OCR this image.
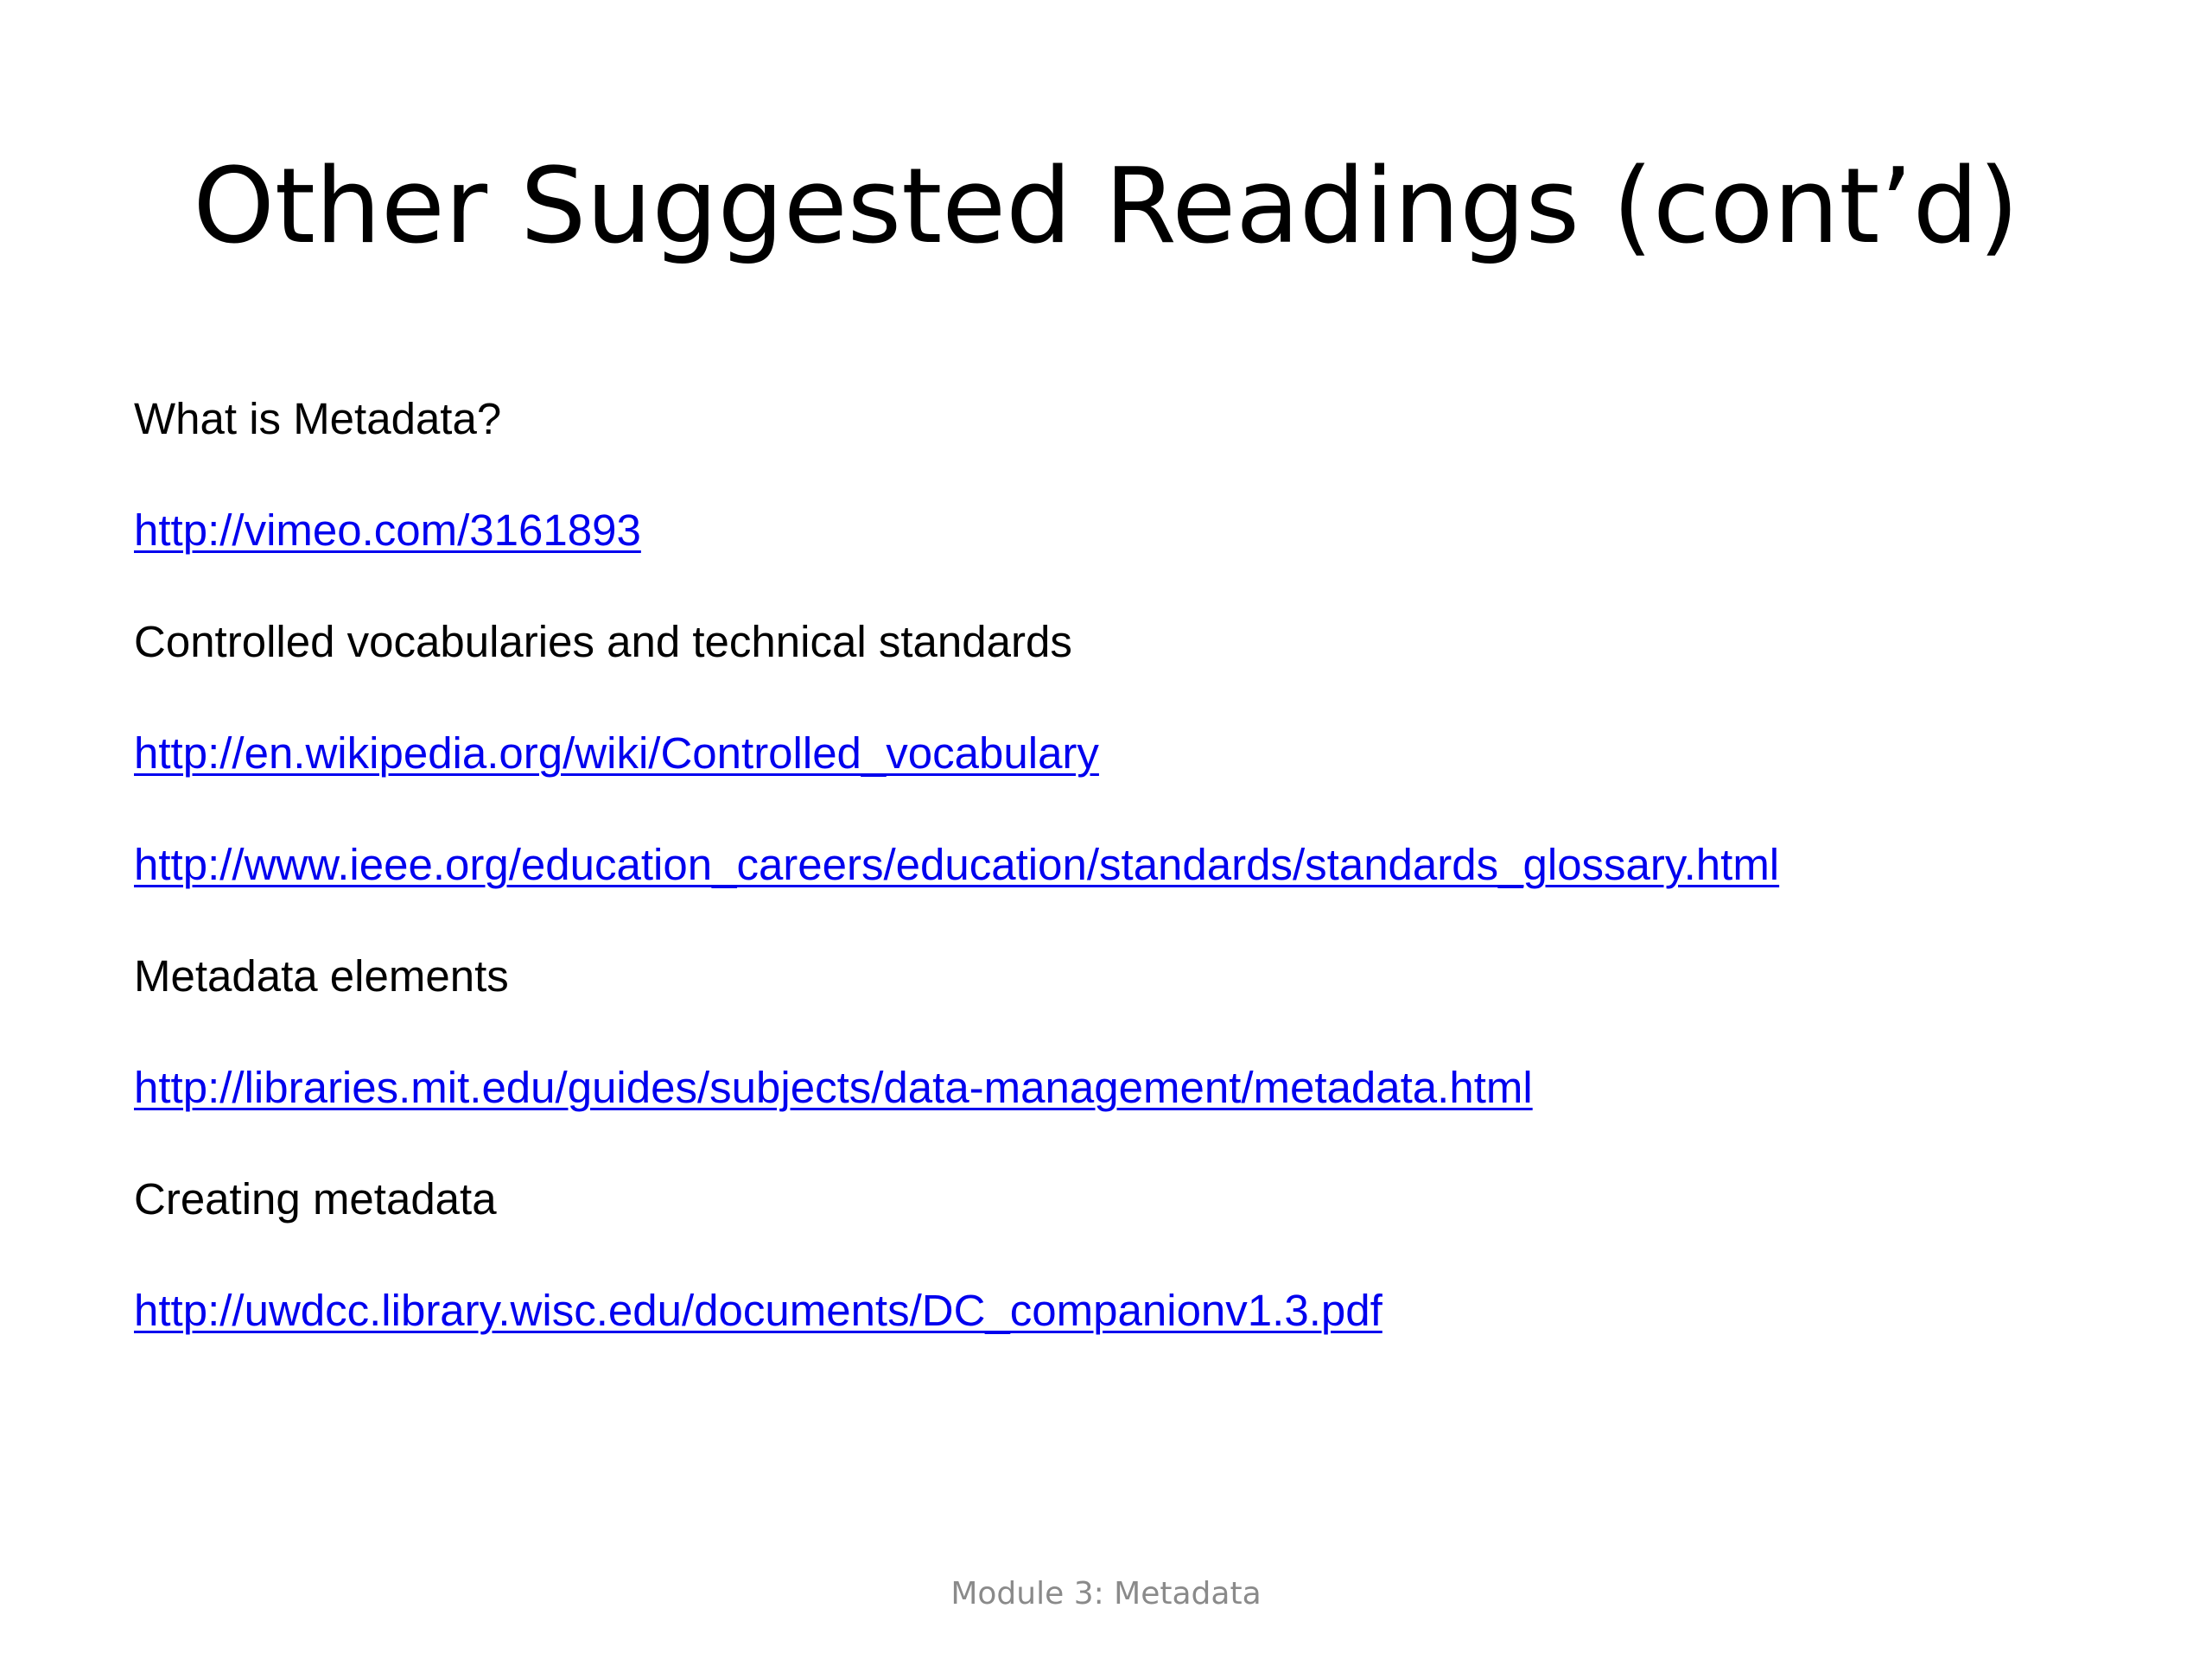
Other Suggested Readings (cont’d)
What is Metadata?
http://vimeo.com/3161893
Controlled vocabularies and technical standards
http://en.wikipedia.org/wiki/Controlled_vocabulary
http://www.ieee.org/education_careers/education/standards/standards_glossary.html
Metadata elements
http://libraries.mit.edu/guides/subjects/data-management/metadata.html
Creating metadata
http://uwdcc.library.wisc.edu/documents/DC_companionv1.3.pdf
Module 3: Metadata
